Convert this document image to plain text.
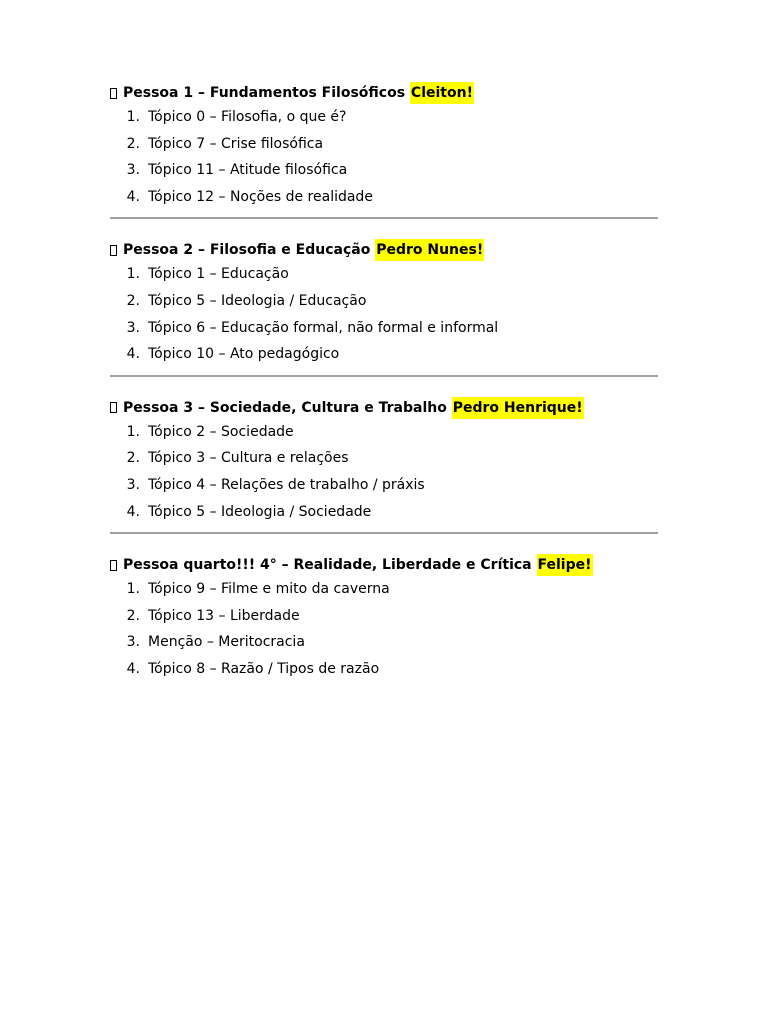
Pessoa 1 – Fundamentos Filosóficos
Cleiton!
1. Tópico 0 – Filosofia, o que é?
2. Tópico 7 – Crise filosófica
3. Tópico 11 – Atitude filosófica
4. Tópico 12 – Noções de realidade
Pessoa 2 – Filosofia e Educação
Pedro Nunes!
1. Tópico 1 – Educação
2. Tópico 5 – Ideologia / Educação
3. Tópico 6 – Educação formal, não formal e informal
4. Tópico 10 – Ato pedagógico
Pessoa 3 – Sociedade, Cultura e Trabalho
Pedro Henrique!
1. Tópico 2 – Sociedade
2. Tópico 3 – Cultura e relações
3. Tópico 4 – Relações de trabalho / práxis
4. Tópico 5 – Ideologia / Sociedade
Pessoa quarto!!! 4° – Realidade, Liberdade e Crítica
Felipe!
1. Tópico 9 – Filme e mito da caverna
2. Tópico 13 – Liberdade
3. Menção – Meritocracia
4. Tópico 8 – Razão / Tipos de razão
